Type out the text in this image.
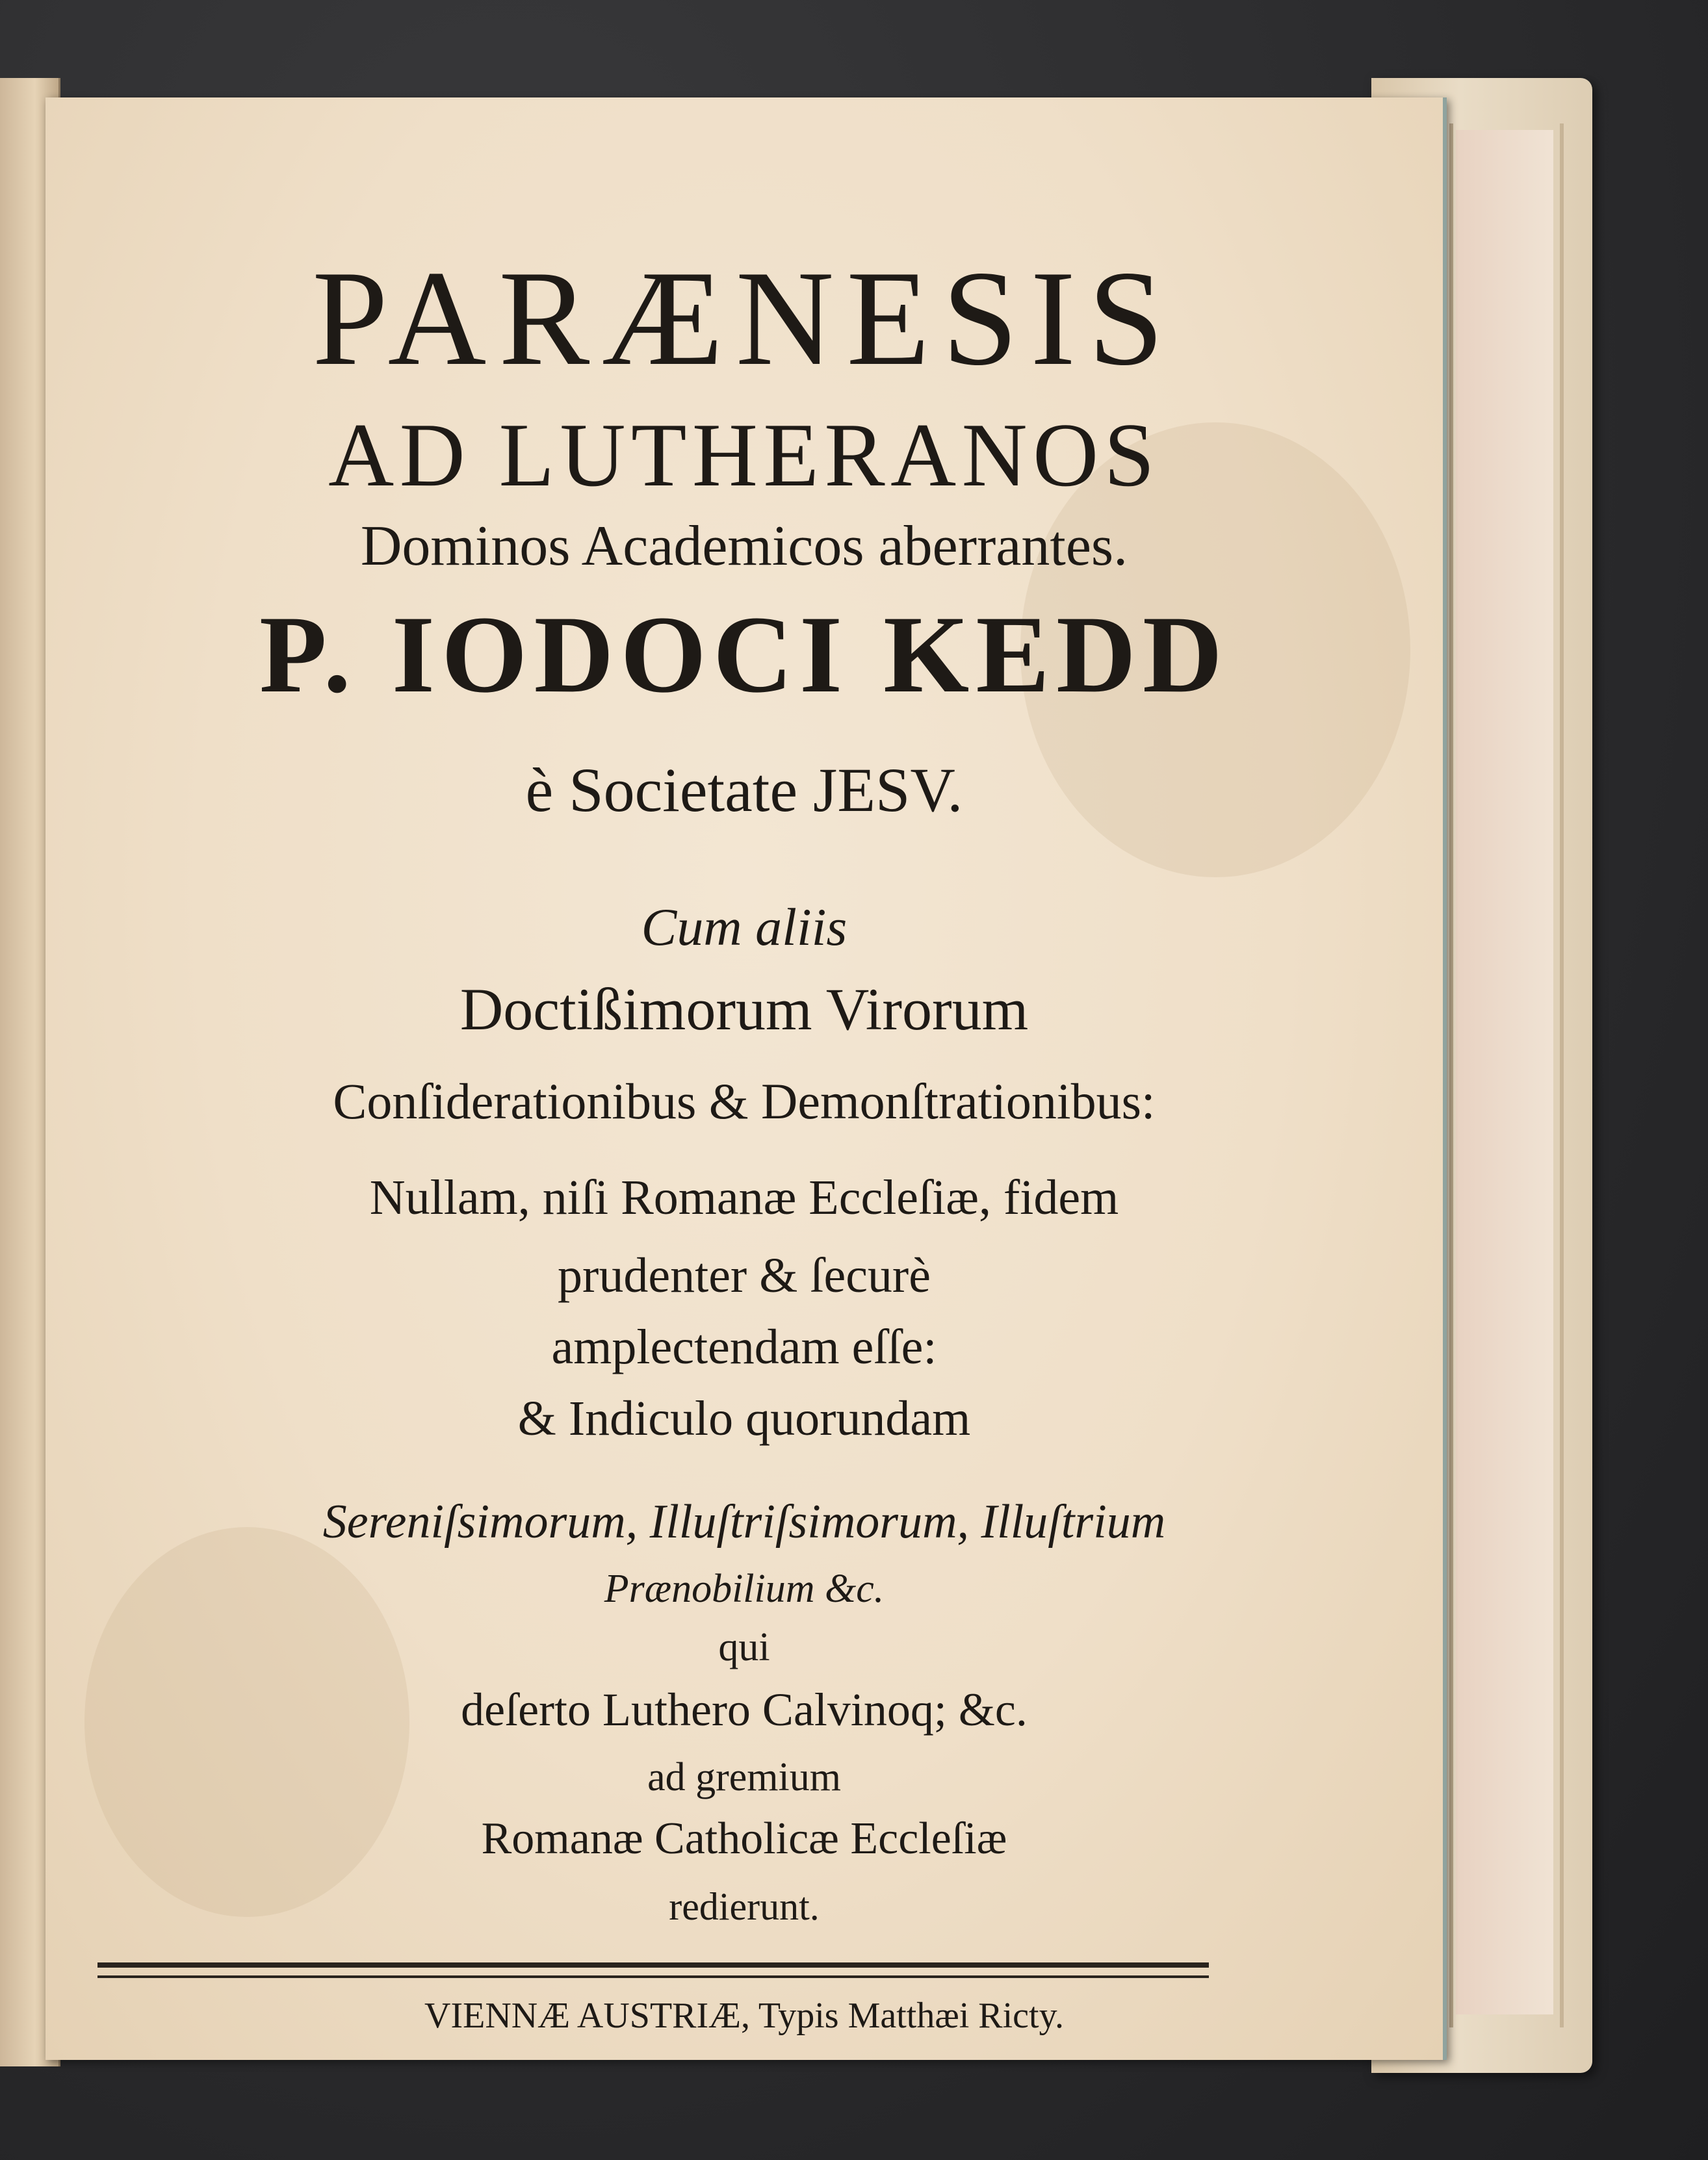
PARÆNESIS
AD LUTHERANOS
Dominos Academicos aberrantes.
P. IODOCI KEDD
è Societate JESV.
Cum aliis
Doctißimorum Virorum
Conſiderationibus & Demonſtrationibus:
Nullam, niſi Romanæ Eccleſiæ, fidem
prudenter & ſecurè
amplectendam eſſe:
& Indiculo quorundam
Sereniſsimorum, Illuſtriſsimorum, Illuſtrium
Prænobilium &c.
qui
deſerto Luthero Calvinoq; &c.
ad gremium
Romanæ Catholicæ Eccleſiæ
redierunt.
VIENNÆ AUSTRIÆ, Typis Matthæi Ricty.
